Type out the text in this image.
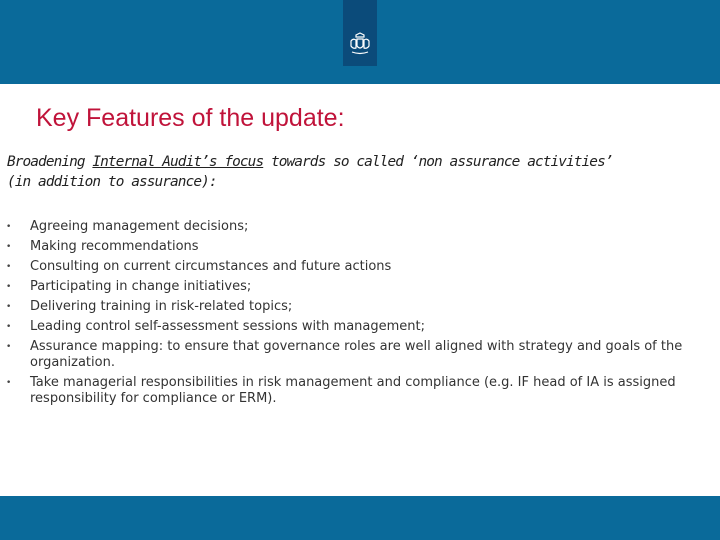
Key Features of the update:
Broadening Internal Audit’s focus towards so called ‘non assurance activities’
(in addition to assurance):
• Agreeing management decisions;
• Making recommendations
• Consulting on current circumstances and future actions
• Participating in change initiatives;
• Delivering training in risk-related topics;
• Leading control self-assessment sessions with management;
• Assurance mapping: to ensure that governance roles are well aligned with strategy and goals of the organization.
• Take managerial responsibilities in risk management and compliance (e.g. IF head of IA is assigned responsibility for compliance or ERM).
